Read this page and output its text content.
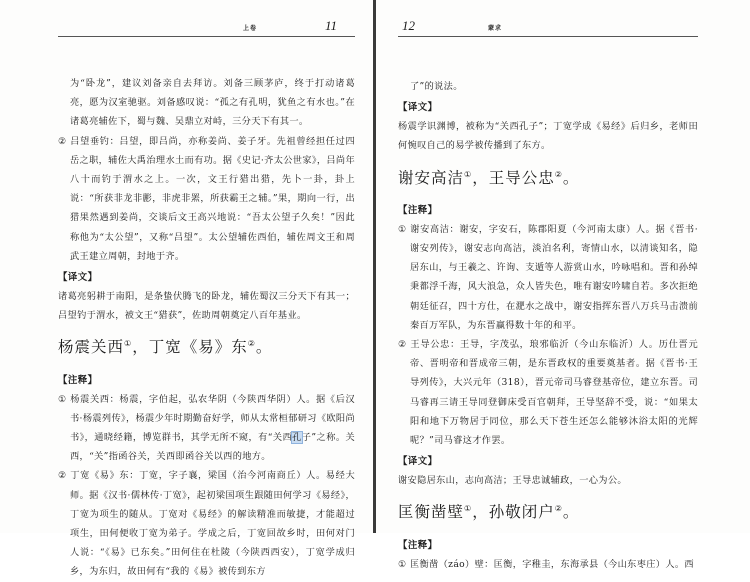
上卷	11

为“卧龙”，建议刘备亲自去拜访。刘备三顾茅庐，终于打动诸葛亮，愿为汉室驰驱。刘备感叹说：“孤之有孔明，犹鱼之有水也。”在诸葛亮辅佐下，蜀与魏、吴鼎立对峙，三分天下有其一。

② 吕望垂钓：吕望，即吕尚，亦称姜尚、姜子牙。先祖曾经担任过四岳之职，辅佐大禹治理水土而有功。据《史记·齐太公世家》，吕尚年八十而钓于渭水之上。一次，文王行猎出猎，先卜一卦，卦上说：“所获非龙非彲，非虎非罴，所获霸王之辅。”果，期向一行，出猎果然遇到姜尚，交谈后文王高兴地说：“吾太公望子久矣！”因此称他为“太公望”，又称“吕望”。太公望辅佐西伯，辅佐周文王和周武王建立周朝，封地于齐。
【译文】

诸葛亮躬耕于南阳，是条蛰伏腾飞的卧龙，辅佐蜀汉三分天下有其一；吕望钓于渭水，被文王“猎获”，佐助周朝奠定八百年基业。

杨震关西①，丁宽《易》东②。
【注释】
① 杨震关西：杨震，字伯起，弘农华阴（今陕西华阴）人。据《后汉书·杨震列传》，杨震少年时期勤奋好学，师从太常桓郁研习《欧阳尚书》，通晓经籍，博览群书，其学无所不窥，有“关西孔子”之称。关西，“关”指函谷关，关西即函谷关以西的地方。
② 丁宽《易》东：丁宽，字子襄，梁国（治今河南商丘）人。易经大师。据《汉书·儒林传·丁宽》，起初梁国项生跟随田何学习《易经》，丁宽为项生的随从。丁宽对《易经》的解读精准而敏捷，才能超过项生，田何便收丁宽为弟子。学成之后，丁宽回故乡时，田何对门人说：“《易》已东矣。”田何住在杜陵（今陕西西安），丁宽学成归乡，为东归，故田何有“我的《易》被传到东方
12	蒙求

了”的说法。

【译文】

杨震学识渊博，被称为“关西孔子”；丁宽学成《易经》后归乡，老师田何惋叹自己的易学被传播到了东方。

谢安高洁①，王导公忠②。
【注释】
① 谢安高洁：谢安，字安石，陈郡阳夏（今河南太康）人。据《晋书·谢安列传》，谢安志向高洁，淡泊名利，寄情山水，以清谈知名，隐居东山，与王羲之、许询、支遁等人游赏山水，吟咏唱和。晋和孙绰秉都浮千海，风大浪急，众人皆失色，唯有谢安吟啸自若。多次拒绝朝廷征召，四十方仕，在淝水之战中，谢安指挥东晋八万兵马击溃前秦百万军队，为东晋赢得数十年的和平。
② 王导公忠：王导，字茂弘，琅邪临沂（今山东临沂）人。历仕晋元帝、晋明帝和晋成帝三朝，是东晋政权的重要奠基者。据《晋书·王导列传》，大兴元年（318），晋元帝司马睿登基帝位，建立东晋。司马睿再三请王导同登御床受百官朝拜，王导坚辞不受，说：“如果太阳和地下万物居于同位，那么天下苍生还怎么能够沐浴太阳的光辉呢？”司马睿这才作罢。
【译文】

谢安隐居东山，志向高洁；王导忠诚辅政，一心为公。

匡衡凿壁①，孙敬闭户②。
【注释】
① 匡衡凿（záo）壁：匡衡，字稚圭，东海承县（今山东枣庄）人。西
